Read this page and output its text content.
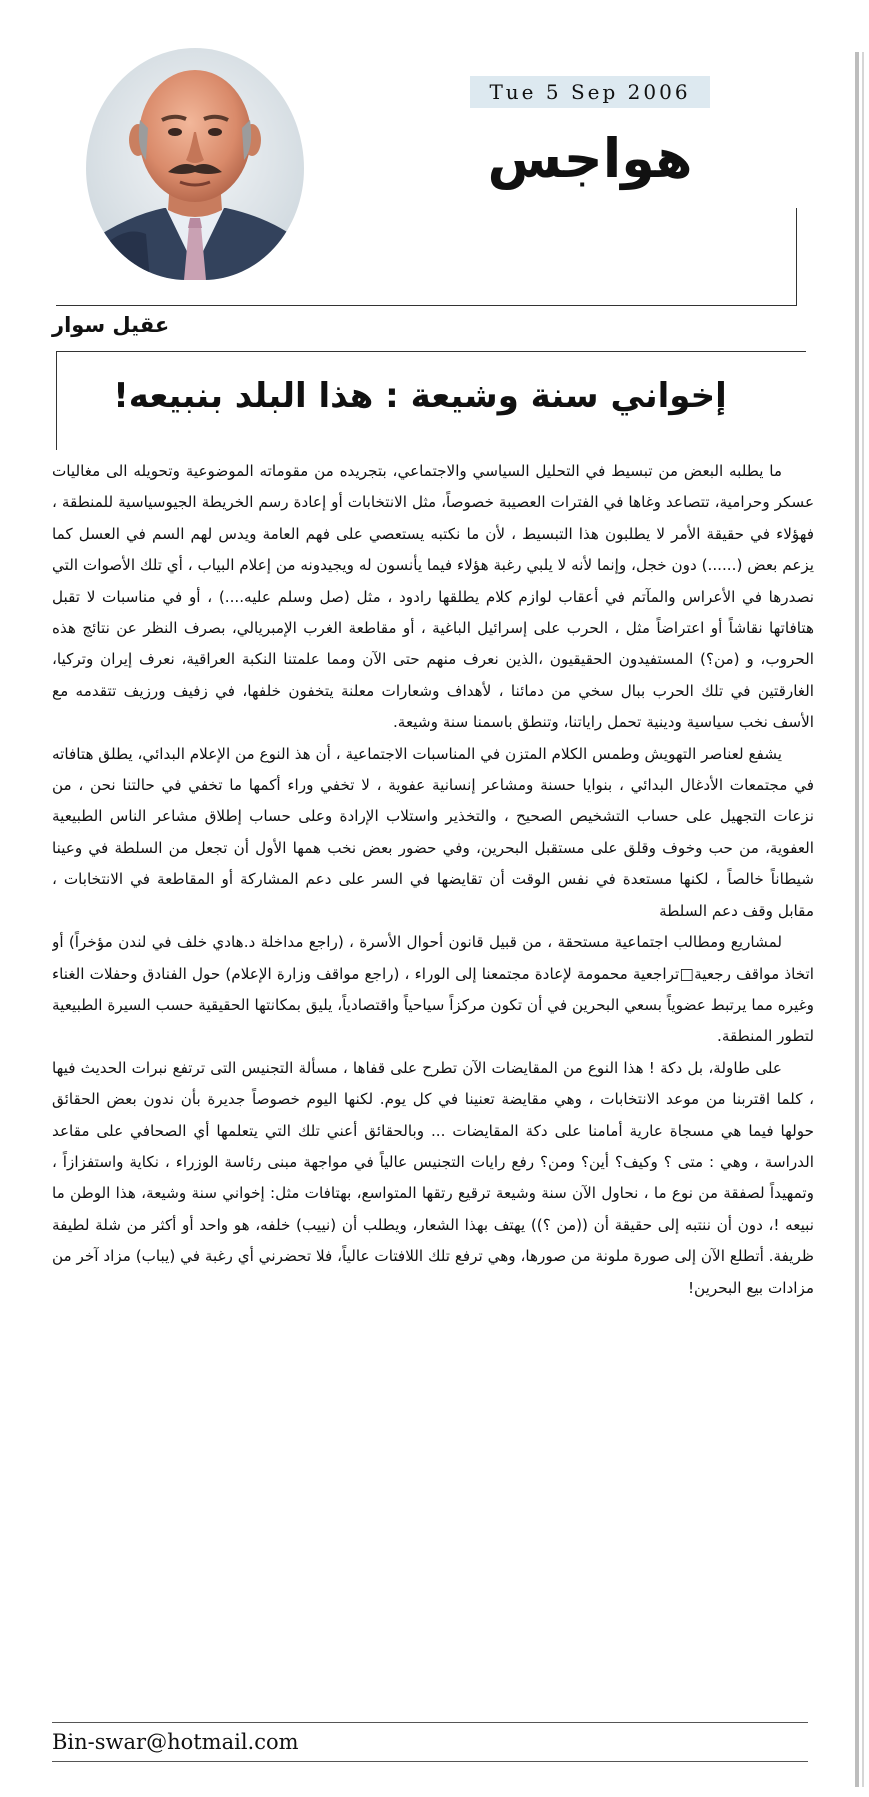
Tue 5 Sep 2006
هواجس
عقيل سوار
إخواني سنة وشيعة : هذا البلد بنبيعه!

ما يطلبه البعض من تبسيط في التحليل السياسي والاجتماعي، بتجريده من مقوماته الموضوعية وتحويله الى مغاليات عسكر وحرامية، تتصاعد وغاها في الفترات العصيبة خصوصاً، مثل الانتخابات أو إعادة رسم الخريطة الجيوسياسية للمنطقة ، فهؤلاء في حقيقة الأمر لا يطلبون هذا التبسيط ، لأن ما نكتبه يستعصي على فهم العامة ويدس لهم السم في العسل كما يزعم بعض (......) دون خجل، وإنما لأنه لا يلبي رغبة هؤلاء فيما يأنسون له ويجيدونه من إعلام البياب ، أي تلك الأصوات التي نصدرها في الأعراس والمآتم في أعقاب لوازم كلام يطلقها رادود ، مثل (صل وسلم عليه....) ، أو في مناسبات لا تقبل هتافاتها نقاشاً أو اعتراضاً مثل ، الحرب على إسرائيل الباغية ، أو مقاطعة الغرب الإمبريالي، بصرف النظر عن نتائج هذه الحروب، و (من؟) المستفيدون الحقيقيون ،الذين نعرف منهم حتى الآن ومما علمتنا النكبة العراقية، نعرف إيران وتركيا، الغارقتين في تلك الحرب ببال سخي من دمائنا ، لأهداف وشعارات معلنة يتخفون خلفها، في زفيف ورزيف تتقدمه مع الأسف نخب سياسية ودينية تحمل راياتنا، وتنطق باسمنا سنة وشيعة.

يشفع لعناصر التهويش وطمس الكلام المتزن في المناسبات الاجتماعية ، أن هذ النوع من الإعلام البدائي، يطلق هتافاته في مجتمعات الأدغال البدائي ، بنوايا حسنة ومشاعر إنسانية عفوية ، لا تخفي وراء أكمها ما تخفي في حالتنا نحن ، من نزعات التجهيل على حساب التشخيص الصحيح ، والتخذير واستلاب الإرادة وعلى حساب إطلاق مشاعر الناس الطبيعية العفوية، من حب وخوف وقلق على مستقبل البحرين، وفي حضور بعض نخب همها الأول أن تجعل من السلطة في وعينا شيطاناً خالصاً ، لكنها مستعدة في نفس الوقت أن تقايضها في السر على دعم المشاركة أو المقاطعة في الانتخابات ، مقابل وقف دعم السلطة

لمشاريع ومطالب اجتماعية مستحقة ، من قبيل قانون أحوال الأسرة ، (راجع مداخلة د.هادي خلف في لندن مؤخراً) أو اتخاذ مواقف رجعية□تراجعية محمومة لإعادة مجتمعنا إلى الوراء ، (راجع مواقف وزارة الإعلام) حول الفنادق وحفلات الغناء وغيره مما يرتبط عضوياً بسعي البحرين في أن تكون مركزاً سياحياً واقتصادياً، يليق بمكانتها الحقيقية حسب السيرة الطبيعية لتطور المنطقة.

على طاولة، بل دكة ! هذا النوع من المقايضات الآن تطرح على قفاها ، مسألة التجنيس التى ترتفع نبرات الحديث فيها ، كلما اقتربنا من موعد الانتخابات ، وهي مقايضة تعنينا في كل يوم. لكنها اليوم خصوصاً جديرة بأن ندون بعض الحقائق حولها فيما هي مسجاة عارية أمامنا على دكة المقايضات ... وبالحقائق أعني تلك التي يتعلمها أي الصحافي على مقاعد الدراسة ، وهي : متى ؟ وكيف؟ أين؟ ومن؟ رفع رايات التجنيس عالياً في مواجهة مبنى رئاسة الوزراء ، نكاية واستفزازاً ، وتمهيداً لصفقة من نوع ما ، نحاول الآن سنة وشيعة ترقيع رتقها المتواسع، بهتافات مثل: إخواني سنة وشيعة، هذا الوطن ما نبيعه !، دون أن ننتبه إلى حقيقة أن ((من ؟)) يهتف بهذا الشعار، ويطلب أن (نييب) خلفه، هو واحد أو أكثر من شلة لطيفة ظريفة. أتطلع الآن إلى صورة ملونة من صورها، وهي ترفع تلك اللافتات عالياً، فلا تحضرني أي رغبة في (يباب) مزاد آخر من مزادات بيع البحرين!

Bin-swar@hotmail.com
